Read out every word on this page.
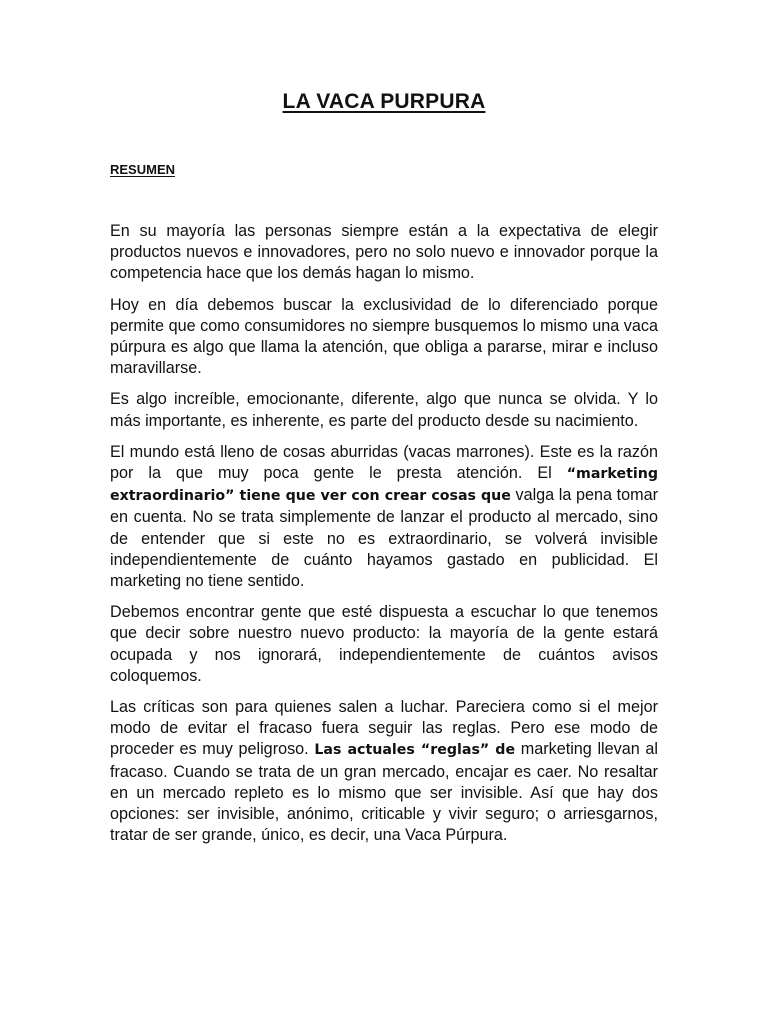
LA VACA PURPURA
RESUMEN

En su mayoría las personas siempre están a la expectativa de elegir productos nuevos e innovadores, pero no solo nuevo e innovador porque la competencia hace que los demás hagan lo mismo.

Hoy en día debemos buscar la exclusividad de lo diferenciado porque permite que como consumidores no siempre busquemos lo mismo una vaca púrpura es algo que llama la atención, que obliga a pararse, mirar e incluso maravillarse.

Es algo increíble, emocionante, diferente, algo que nunca se olvida. Y lo más importante, es inherente, es parte del producto desde su nacimiento.

El mundo está lleno de cosas aburridas (vacas marrones). Este es la razón por la que muy poca gente le presta atención. El “marketing extraordinario” tiene que ver con crear cosas que valga la pena tomar en cuenta. No se trata simplemente de lanzar el producto al mercado, sino de entender que si este no es extraordinario, se volverá invisible independientemente de cuánto hayamos gastado en publicidad. El marketing no tiene sentido.

Debemos encontrar gente que esté dispuesta a escuchar lo que tenemos que decir sobre nuestro nuevo producto: la mayoría de la gente estará ocupada y nos ignorará, independientemente de cuántos avisos coloquemos.

Las críticas son para quienes salen a luchar. Pareciera como si el mejor modo de evitar el fracaso fuera seguir las reglas. Pero ese modo de proceder es muy peligroso. Las actuales “reglas” de marketing llevan al fracaso. Cuando se trata de un gran mercado, encajar es caer. No resaltar en un mercado repleto es lo mismo que ser invisible. Así que hay dos opciones: ser invisible, anónimo, criticable y vivir seguro; o arriesgarnos, tratar de ser grande, único, es decir, una Vaca Púrpura.
